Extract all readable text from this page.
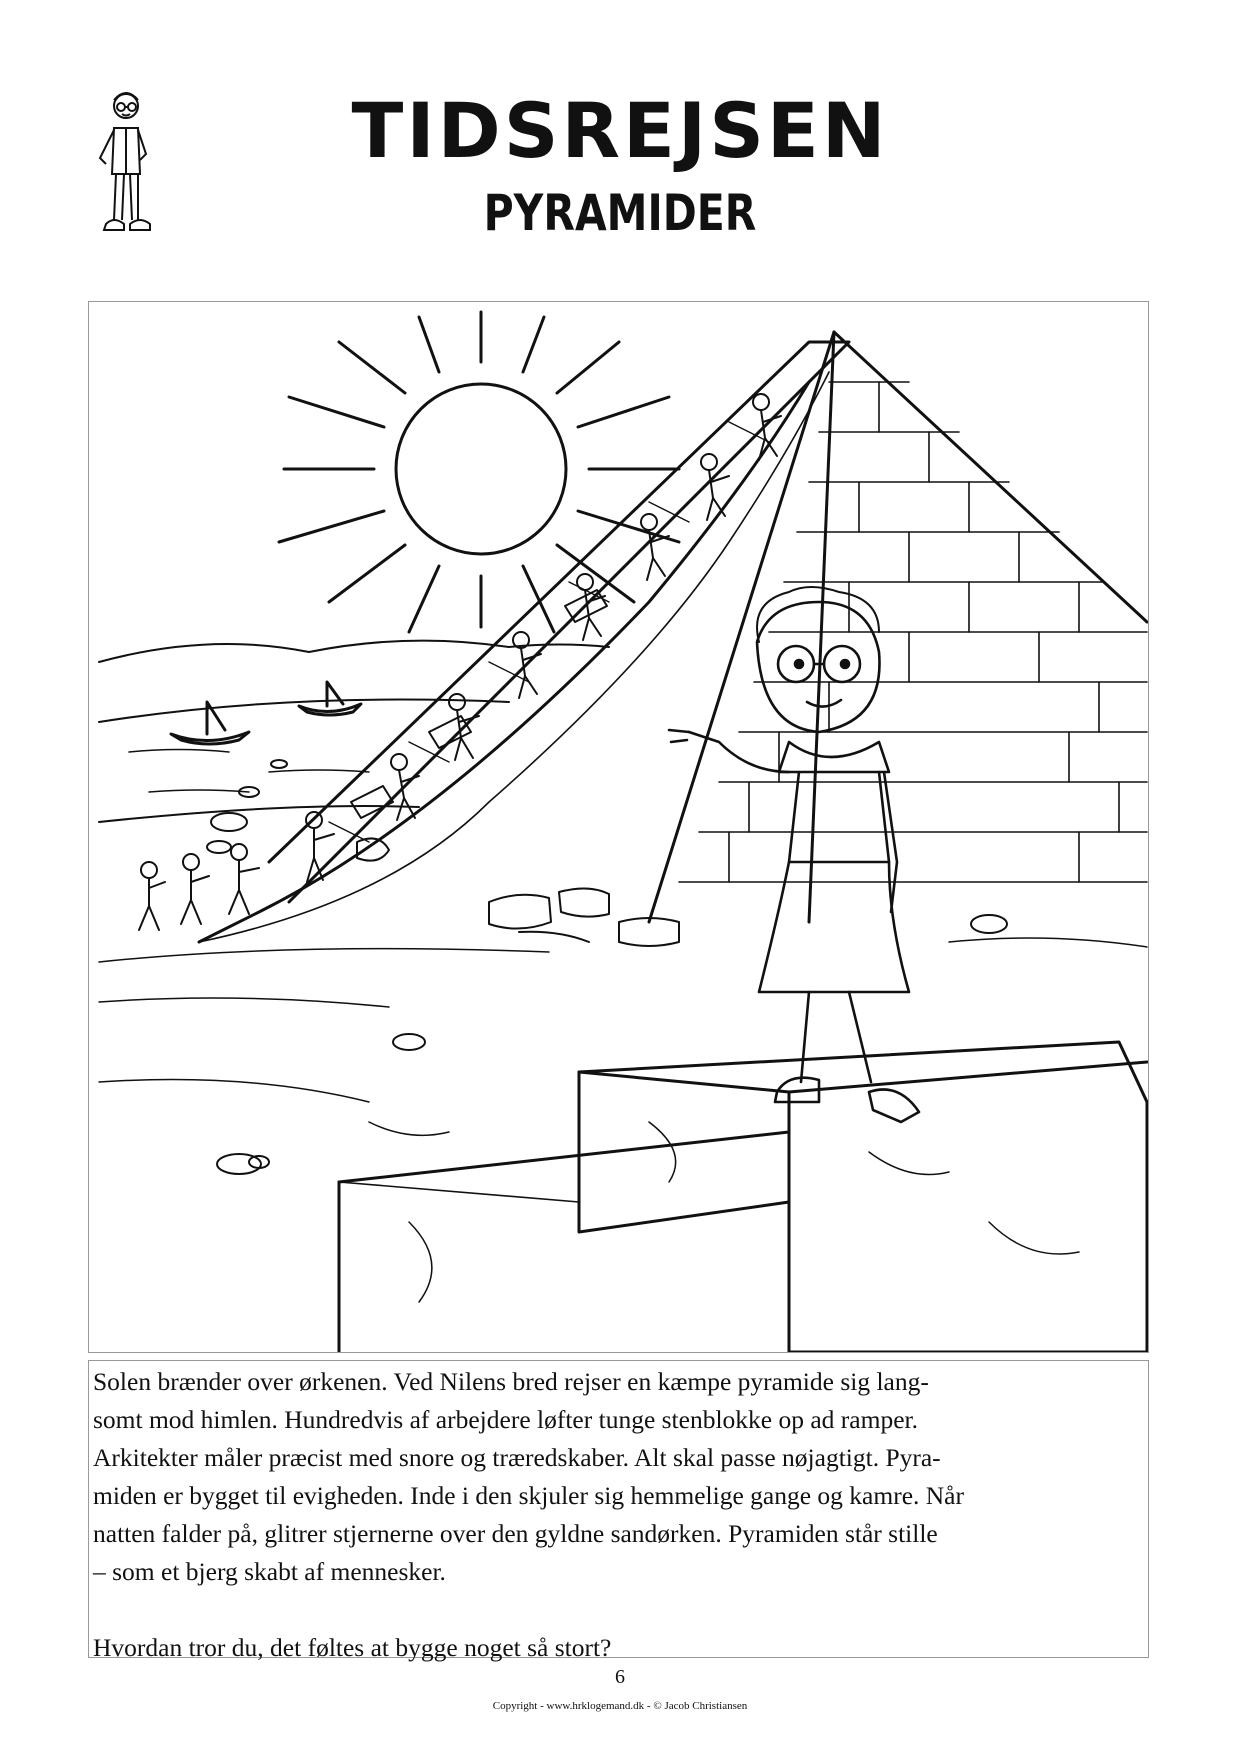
TIDSREJSEN
PYRAMIDER

Solen brænder over ørkenen. Ved Nilens bred rejser en kæmpe pyramide sig lang-

somt mod himlen. Hundredvis af arbejdere løfter tunge stenblokke op ad ramper.

Arkitekter måler præcist med snore og træredskaber. Alt skal passe nøjagtigt. Pyra-

miden er bygget til evigheden. Inde i den skjuler sig hemmelige gange og kamre. Når

natten falder på, glitrer stjernerne over den gyldne sandørken. Pyramiden står stille

– som et bjerg skabt af mennesker.

Hvordan tror du, det føltes at bygge noget så stort?

6
Copyright - www.hrklogemand.dk - © Jacob Christiansen
